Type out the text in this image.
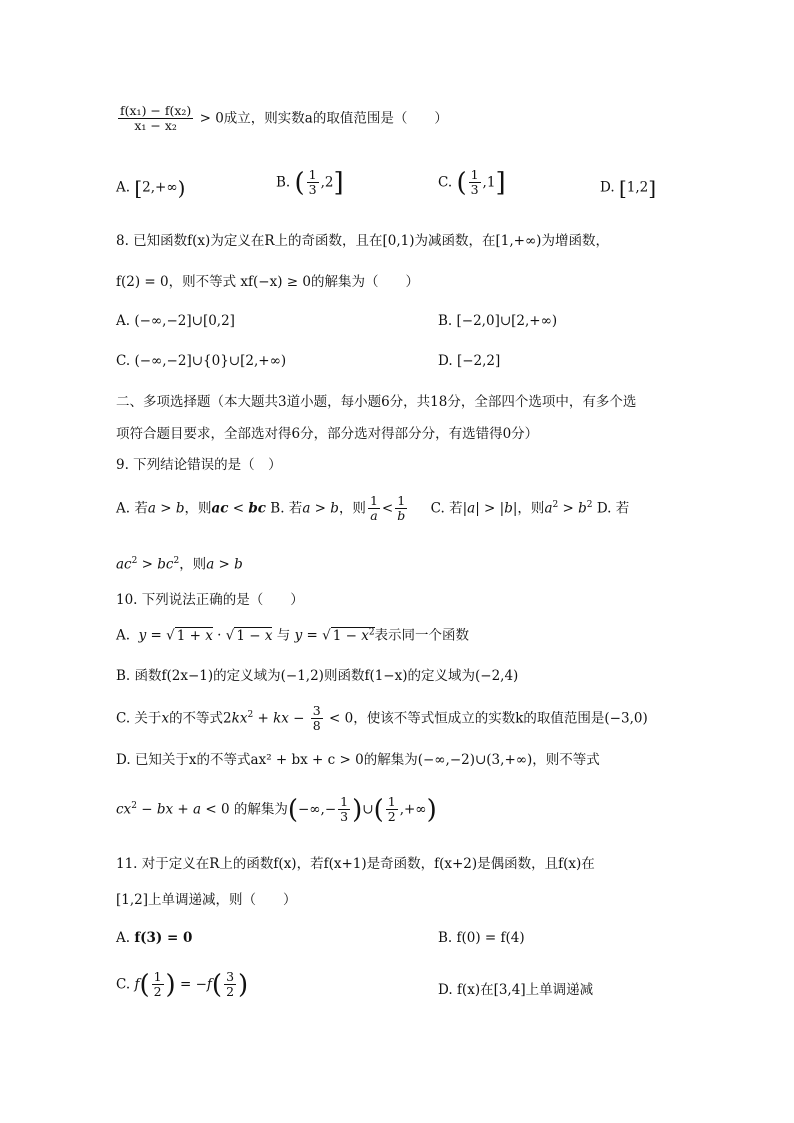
$\frac{\text{f(x₁) − f(x₂)}}{\text{x₁ − x₂}} > 0$成立，则实数a的取值范围是（　　）
A. [2,+∞)	B. ( $\frac{1}{3} ,2$]	C. ( $\frac{1}{3} ,1$]	D. [1,2]
8. 已知函数f(x)为定义在R上的奇函数，且在[0,1)为减函数，在[1,+∞)为增函数，
f(2) = 0，则不等式 xf(−x) ≥ 0的解集为（　　）
A. (−∞,−2]∪[0,2]	B. [−2,0]∪[2,+∞)
C. (−∞,−2]∪{0}∪[2,+∞)	D. [−2,2]
二、多项选择题（本大题共3道小题，每小题6分，共18分，全部四个选项中，有多个选
项符合题目要求，全部选对得6分，部分选对得部分分，有选错得0分）
9. 下列结论错误的是（　）
A. 若a > b，则ac < bc B. 若a > b，则 $\frac{1}{a} < \frac{1}{b} C$. 若|a| > |b|，则$a^2 > b^2$ D. 若
$ac^2 > bc^2$，则a > b
10. 下列说法正确的是（　　）
A.  y = √ 1 + x · √ 1 − x 与 y = √ $1 - x^2$表示同一个函数
B. 函数f(2x−1)的定义域为(−1,2)则函数f(1−x)的定义域为(−2,4)
C. 关于x的不等式$2kx^2$ + kx − $\frac{3}{8} < 0$，使该不等式恒成立的实数k的取值范围是(−3,0)
D. 已知关于x的不等式ax² + bx + c > 0的解集为(−∞,−2)∪(3,+∞)，则不等式
$cx^2$ − bx + a < 0 的解集为(−∞,− $\frac{1}{3}$ )∪( $\frac{1}{2}$ ,+∞)
11. 对于定义在R上的函数f(x)，若f(x+1)是奇函数，f(x+2)是偶函数，且f(x)在
[1,2]上单调递减，则（　　）
A. f(3) = 0	B. f(0) = f(4)
C. $f( \frac{1}{2}$ ) = $-f( \frac{3}{2}$ )	D. f(x)在[3,4]上单调递减
